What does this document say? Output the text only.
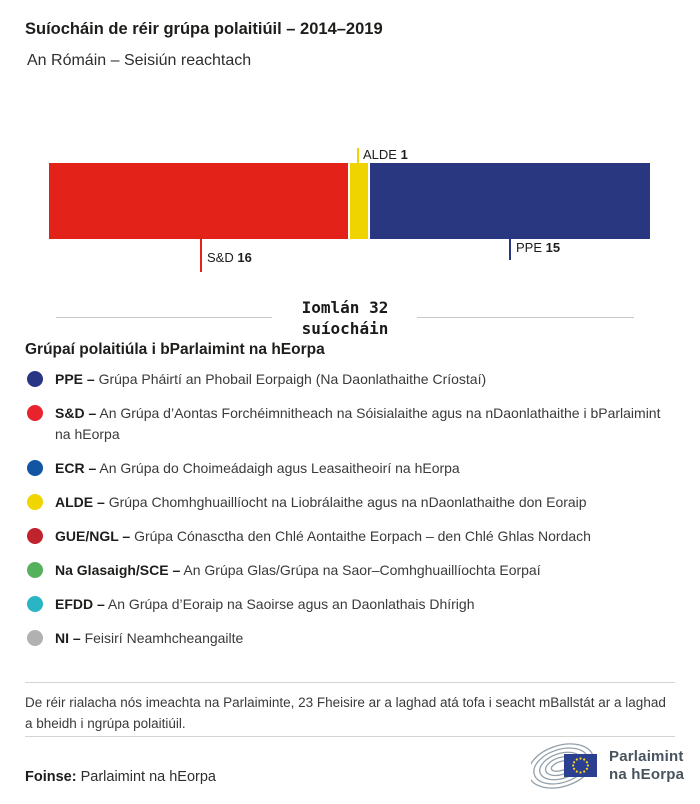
Suíocháin de réir grúpa polaitiúil – 2014–2019
An Rómáin – Seisiún reachtach
ALDE 1
S&D 16
PPE 15
Iomlán 32
suíocháin
Grúpaí polaitiúla i bParlaimint na hEorpa
PPE – Grúpa Pháirtí an Phobail Eorpaigh (Na Daonlathaithe Críostaí)
S&D – An Grúpa d’Aontas Forchéimnitheach na Sóisialaithe agus na nDaonlathaithe i bParlaimint na hEorpa
ECR – An Grúpa do Choimeádaigh agus Leasaitheoirí na hEorpa
ALDE – Grúpa Chomhghuaillíocht na Liobrálaithe agus na nDaonlathaithe don Eoraip
GUE/NGL – Grúpa Cónasctha den Chlé Aontaithe Eorpach – den Chlé Ghlas Nordach
Na Glasaigh/SCE – An Grúpa Glas/Grúpa na Saor–Comhghuaillíochta Eorpaí
EFDD – An Grúpa d’Eoraip na Saoirse agus an Daonlathais Dhírigh
NI – Feisirí Neamhcheangailte
De réir rialacha nós imeachta na Parlaiminte, 23 Fheisire ar a laghad atá tofa i seacht mBallstát ar a laghad a bheidh i ngrúpa polaitiúil.
Foinse: Parlaimint na hEorpa
Parlaimint
na hEorpa
